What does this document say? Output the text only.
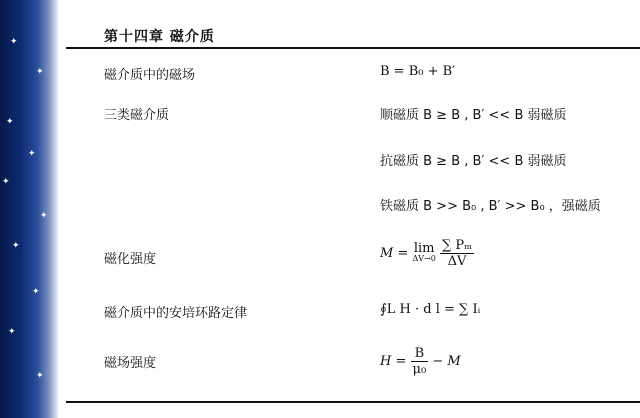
✦
✦
✦
✦
✦
✦
✦
✦
✦
✦
第十四章 磁介质
磁介质中的磁场	B = B₀ + B′
三类磁介质	顺磁质 B ≥ B , B′ << B 弱磁质
抗磁质 B ≥ B , B′ << B 弱磁质
铁磁质 B >> B₀ , B′ >> B₀ ，强磁质
磁化强度	M = lim
ΔV→0
$\frac{\text{∑ Pₘ}}{\Delta V}$
磁介质中的安培环路定律	∮L H · d l = ∑ Iᵢ
磁场强度	$H = \frac{B}{\text{μ₀}} - M$
